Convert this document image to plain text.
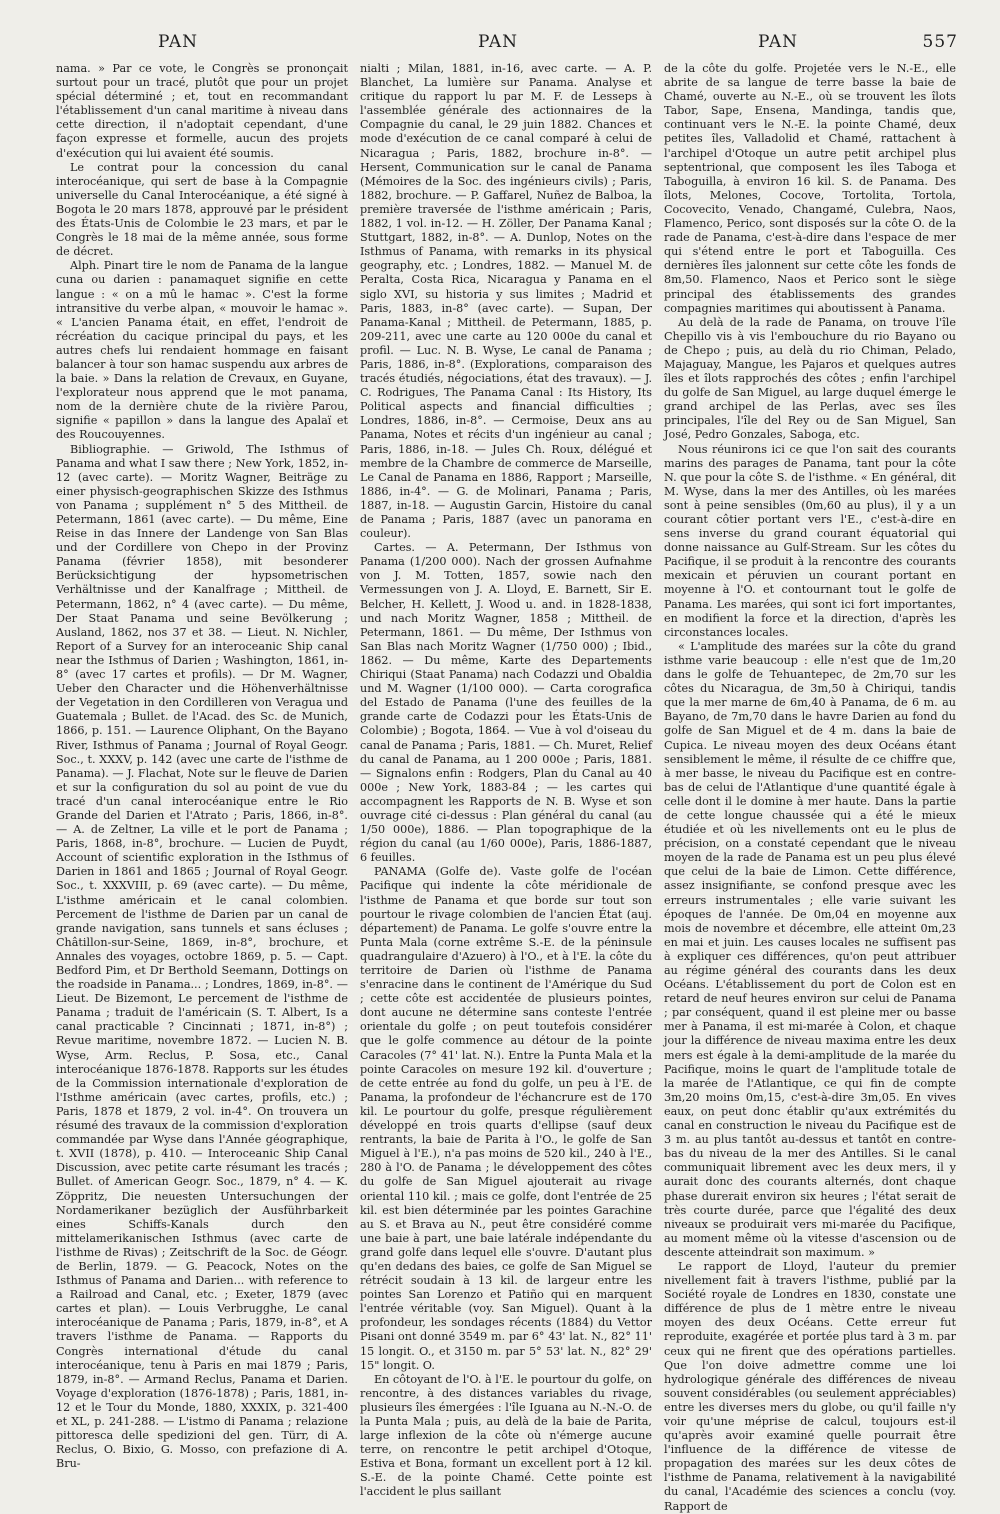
PAN	PAN	PAN	557

nama. » Par ce vote, le Congrès se prononçait surtout pour un tracé, plutôt que pour un projet spécial déterminé ; et, tout en recommandant l'établissement d'un canal maritime à niveau dans cette direction, il n'adoptait cependant, d'une façon expresse et formelle, aucun des projets d'exécution qui lui avaient été soumis.

Le contrat pour la concession du canal interocéanique, qui sert de base à la Compagnie universelle du Canal Interocéanique, a été signé à Bogota le 20 mars 1878, approuvé par le président des États-Unis de Colombie le 23 mars, et par le Congrès le 18 mai de la même année, sous forme de décret.

Alph. Pinart tire le nom de Panama de la langue cuna ou darien : panamaquet signifie en cette langue : « on a mû le hamac ». C'est la forme intransitive du verbe alpan, « mouvoir le hamac ». « L'ancien Panama était, en effet, l'endroit de récréation du cacique principal du pays, et les autres chefs lui rendaient hommage en faisant balancer à tour son hamac suspendu aux arbres de la baie. » Dans la relation de Crevaux, en Guyane, l'explorateur nous apprend que le mot panama, nom de la dernière chute de la rivière Parou, signifie « papillon » dans la langue des Apalaï et des Roucouyennes.

Bibliographie. — Griwold, The Isthmus of Panama and what I saw there ; New York, 1852, in-12 (avec carte). — Moritz Wagner, Beiträge zu einer physisch-geographischen Skizze des Isthmus von Panama ; supplément n° 5 des Mittheil. de Petermann, 1861 (avec carte). — Du même, Eine Reise in das Innere der Landenge von San Blas und der Cordillere von Chepo in der Provinz Panama (février 1858), mit besonderer Berücksichtigung der hypsometrischen Verhältnisse und der Kanalfrage ; Mittheil. de Petermann, 1862, n° 4 (avec carte). — Du même, Der Staat Panama und seine Bevölkerung ; Ausland, 1862, nos 37 et 38. — Lieut. N. Nichler, Report of a Survey for an interoceanic Ship canal near the Isthmus of Darien ; Washington, 1861, in-8° (avec 17 cartes et profils). — Dr M. Wagner, Ueber den Character und die Höhenverhältnisse der Vegetation in den Cordilleren von Veragua und Guatemala ; Bullet. de l'Acad. des Sc. de Munich, 1866, p. 151. — Laurence Oliphant, On the Bayano River, Isthmus of Panama ; Journal of Royal Geogr. Soc., t. XXXV, p. 142 (avec une carte de l'isthme de Panama). — J. Flachat, Note sur le fleuve de Darien et sur la configuration du sol au point de vue du tracé d'un canal interocéanique entre le Rio Grande del Darien et l'Atrato ; Paris, 1866, in-8°. — A. de Zeltner, La ville et le port de Panama ; Paris, 1868, in-8°, brochure. — Lucien de Puydt, Account of scientific exploration in the Isthmus of Darien in 1861 and 1865 ; Journal of Royal Geogr. Soc., t. XXXVIII, p. 69 (avec carte). — Du même, L'isthme américain et le canal colombien. Percement de l'isthme de Darien par un canal de grande navigation, sans tunnels et sans écluses ; Châtillon-sur-Seine, 1869, in-8°, brochure, et Annales des voyages, octobre 1869, p. 5. — Capt. Bedford Pim, et Dr Berthold Seemann, Dottings on the roadside in Panama... ; Londres, 1869, in-8°. — Lieut. De Bizemont, Le percement de l'isthme de Panama ; traduit de l'américain (S. T. Albert, Is a canal practicable ? Cincinnati ; 1871, in-8°) ; Revue maritime, novembre 1872. — Lucien N. B. Wyse, Arm. Reclus, P. Sosa, etc., Canal interocéanique 1876-1878. Rapports sur les études de la Commission internationale d'exploration de l'Isthme américain (avec cartes, profils, etc.) ; Paris, 1878 et 1879, 2 vol. in-4°. On trouvera un résumé des travaux de la commission d'exploration commandée par Wyse dans l'Année géographique, t. XVII (1878), p. 410. — Interoceanic Ship Canal Discussion, avec petite carte résumant les tracés ; Bullet. of American Geogr. Soc., 1879, n° 4. — K. Zöppritz, Die neuesten Untersuchungen der Nordamerikaner bezüglich der Ausführbarkeit eines Schiffs-Kanals durch den mittelamerikanischen Isthmus (avec carte de l'isthme de Rivas) ; Zeitschrift de la Soc. de Géogr. de Berlin, 1879. — G. Peacock, Notes on the Isthmus of Panama and Darien... with reference to a Railroad and Canal, etc. ; Exeter, 1879 (avec cartes et plan). — Louis Verbrugghe, Le canal interocéanique de Panama ; Paris, 1879, in-8°, et A travers l'isthme de Panama. — Rapports du Congrès international d'étude du canal interocéanique, tenu à Paris en mai 1879 ; Paris, 1879, in-8°. — Armand Reclus, Panama et Darien. Voyage d'exploration (1876-1878) ; Paris, 1881, in-12 et le Tour du Monde, 1880, XXXIX, p. 321-400 et XL, p. 241-288. — L'istmo di Panama ; relazione pittoresca delle spedizioni del gen. Türr, di A. Reclus, O. Bixio, G. Mosso, con prefazione di A. Bru-

nialti ; Milan, 1881, in-16, avec carte. — A. P. Blanchet, La lumière sur Panama. Analyse et critique du rapport lu par M. F. de Lesseps à l'assemblée générale des actionnaires de la Compagnie du canal, le 29 juin 1882. Chances et mode d'exécution de ce canal comparé à celui de Nicaragua ; Paris, 1882, brochure in-8°. — Hersent, Communication sur le canal de Panama (Mémoires de la Soc. des ingénieurs civils) ; Paris, 1882, brochure. — P. Gaffarel, Nuñez de Balboa, la première traversée de l'isthme américain ; Paris, 1882, 1 vol. in-12. — H. Zöller, Der Panama Kanal ; Stuttgart, 1882, in-8°. — A. Dunlop, Notes on the Isthmus of Panama, with remarks in its physical geography, etc. ; Londres, 1882. — Manuel M. de Peralta, Costa Rica, Nicaragua y Panama en el siglo XVI, su historia y sus limites ; Madrid et Paris, 1883, in-8° (avec carte). — Supan, Der Panama-Kanal ; Mittheil. de Petermann, 1885, p. 209-211, avec une carte au 120 000e du canal et profil. — Luc. N. B. Wyse, Le canal de Panama ; Paris, 1886, in-8°. (Explorations, comparaison des tracés étudiés, négociations, état des travaux). — J. C. Rodrigues, The Panama Canal : Its History, Its Political aspects and financial difficulties ; Londres, 1886, in-8°. — Cermoise, Deux ans au Panama, Notes et récits d'un ingénieur au canal ; Paris, 1886, in-18. — Jules Ch. Roux, délégué et membre de la Chambre de commerce de Marseille, Le Canal de Panama en 1886, Rapport ; Marseille, 1886, in-4°. — G. de Molinari, Panama ; Paris, 1887, in-18. — Augustin Garcin, Histoire du canal de Panama ; Paris, 1887 (avec un panorama en couleur).

Cartes. — A. Petermann, Der Isthmus von Panama (1/200 000). Nach der grossen Aufnahme von J. M. Totten, 1857, sowie nach den Vermessungen von J. A. Lloyd, E. Barnett, Sir E. Belcher, H. Kellett, J. Wood u. and. in 1828-1838, und nach Moritz Wagner, 1858 ; Mittheil. de Petermann, 1861. — Du même, Der Isthmus von San Blas nach Moritz Wagner (1/750 000) ; Ibid., 1862. — Du même, Karte des Departements Chiriqui (Staat Panama) nach Codazzi und Obaldia und M. Wagner (1/100 000). — Carta corografica del Estado de Panama (l'une des feuilles de la grande carte de Codazzi pour les États-Unis de Colombie) ; Bogota, 1864. — Vue à vol d'oiseau du canal de Panama ; Paris, 1881. — Ch. Muret, Relief du canal de Panama, au 1 200 000e ; Paris, 1881. — Signalons enfin : Rodgers, Plan du Canal au 40 000e ; New York, 1883-84 ; — les cartes qui accompagnent les Rapports de N. B. Wyse et son ouvrage cité ci-dessus : Plan général du canal (au 1/50 000e), 1886. — Plan topographique de la région du canal (au 1/60 000e), Paris, 1886-1887, 6 feuilles.

PANAMA (Golfe de). Vaste golfe de l'océan Pacifique qui indente la côte méridionale de l'isthme de Panama et que borde sur tout son pourtour le rivage colombien de l'ancien État (auj. département) de Panama. Le golfe s'ouvre entre la Punta Mala (corne extrême S.-E. de la péninsule quadrangulaire d'Azuero) à l'O., et à l'E. la côte du territoire de Darien où l'isthme de Panama s'enracine dans le continent de l'Amérique du Sud ; cette côte est accidentée de plusieurs pointes, dont aucune ne détermine sans conteste l'entrée orientale du golfe ; on peut toutefois considérer que le golfe commence au détour de la pointe Caracoles (7° 41' lat. N.). Entre la Punta Mala et la pointe Caracoles on mesure 192 kil. d'ouverture ; de cette entrée au fond du golfe, un peu à l'E. de Panama, la profondeur de l'échancrure est de 170 kil. Le pourtour du golfe, presque régulièrement développé en trois quarts d'ellipse (sauf deux rentrants, la baie de Parita à l'O., le golfe de San Miguel à l'E.), n'a pas moins de 520 kil., 240 à l'E., 280 à l'O. de Panama ; le développement des côtes du golfe de San Miguel ajouterait au rivage oriental 110 kil. ; mais ce golfe, dont l'entrée de 25 kil. est bien déterminée par les pointes Garachine au S. et Brava au N., peut être considéré comme une baie à part, une baie latérale indépendante du grand golfe dans lequel elle s'ouvre. D'autant plus qu'en dedans des baies, ce golfe de San Miguel se rétrécit soudain à 13 kil. de largeur entre les pointes San Lorenzo et Patiño qui en marquent l'entrée véritable (voy. San Miguel). Quant à la profondeur, les sondages récents (1884) du Vettor Pisani ont donné 3549 m. par 6° 43' lat. N., 82° 11' 15 longit. O., et 3150 m. par 5° 53' lat. N., 82° 29' 15" longit. O.

En côtoyant de l'O. à l'E. le pourtour du golfe, on rencontre, à des distances variables du rivage, plusieurs îles émergées : l'île Iguana au N.-N.-O. de la Punta Mala ; puis, au delà de la baie de Parita, large inflexion de la côte où n'émerge aucune terre, on rencontre le petit archipel d'Otoque, Estiva et Bona, formant un excellent port à 12 kil. S.-E. de la pointe Chamé. Cette pointe est l'accident le plus saillant

de la côte du golfe. Projetée vers le N.-E., elle abrite de sa langue de terre basse la baie de Chamé, ouverte au N.-E., où se trouvent les îlots Tabor, Sape, Ensena, Mandinga, tandis que, continuant vers le N.-E. la pointe Chamé, deux petites îles, Valladolid et Chamé, rattachent à l'archipel d'Otoque un autre petit archipel plus septentrional, que composent les îles Taboga et Taboguilla, à environ 16 kil. S. de Panama. Des îlots, Melones, Cocove, Tortolita, Tortola, Cocovecito, Venado, Changamé, Culebra, Naos, Flamenco, Perico, sont disposés sur la côte O. de la rade de Panama, c'est-à-dire dans l'espace de mer qui s'étend entre le port et Taboguilla. Ces dernières îles jalonnent sur cette côte les fonds de 8m,50. Flamenco, Naos et Perico sont le siège principal des établissements des grandes compagnies maritimes qui aboutissent à Panama.

Au delà de la rade de Panama, on trouve l'île Chepillo vis à vis l'embouchure du rio Bayano ou de Chepo ; puis, au delà du rio Chiman, Pelado, Majaguay, Mangue, les Pajaros et quelques autres îles et îlots rapprochés des côtes ; enfin l'archipel du golfe de San Miguel, au large duquel émerge le grand archipel de las Perlas, avec ses îles principales, l'île del Rey ou de San Miguel, San José, Pedro Gonzales, Saboga, etc.

Nous réunirons ici ce que l'on sait des courants marins des parages de Panama, tant pour la côte N. que pour la côte S. de l'isthme. « En général, dit M. Wyse, dans la mer des Antilles, où les marées sont à peine sensibles (0m,60 au plus), il y a un courant côtier portant vers l'E., c'est-à-dire en sens inverse du grand courant équatorial qui donne naissance au Gulf-Stream. Sur les côtes du Pacifique, il se produit à la rencontre des courants mexicain et péruvien un courant portant en moyenne à l'O. et contournant tout le golfe de Panama. Les marées, qui sont ici fort importantes, en modifient la force et la direction, d'après les circonstances locales.

« L'amplitude des marées sur la côte du grand isthme varie beaucoup : elle n'est que de 1m,20 dans le golfe de Tehuantepec, de 2m,70 sur les côtes du Nicaragua, de 3m,50 à Chiriqui, tandis que la mer marne de 6m,40 à Panama, de 6 m. au Bayano, de 7m,70 dans le havre Darien au fond du golfe de San Miguel et de 4 m. dans la baie de Cupica. Le niveau moyen des deux Océans étant sensiblement le même, il résulte de ce chiffre que, à mer basse, le niveau du Pacifique est en contre-bas de celui de l'Atlantique d'une quantité égale à celle dont il le domine à mer haute. Dans la partie de cette longue chaussée qui a été le mieux étudiée et où les nivellements ont eu le plus de précision, on a constaté cependant que le niveau moyen de la rade de Panama est un peu plus élevé que celui de la baie de Limon. Cette différence, assez insignifiante, se confond presque avec les erreurs instrumentales ; elle varie suivant les époques de l'année. De 0m,04 en moyenne aux mois de novembre et décembre, elle atteint 0m,23 en mai et juin. Les causes locales ne suffisent pas à expliquer ces différences, qu'on peut attribuer au régime général des courants dans les deux Océans. L'établissement du port de Colon est en retard de neuf heures environ sur celui de Panama ; par conséquent, quand il est pleine mer ou basse mer à Panama, il est mi-marée à Colon, et chaque jour la différence de niveau maxima entre les deux mers est égale à la demi-amplitude de la marée du Pacifique, moins le quart de l'amplitude totale de la marée de l'Atlantique, ce qui fin de compte 3m,20 moins 0m,15, c'est-à-dire 3m,05. En vives eaux, on peut donc établir qu'aux extrémités du canal en construction le niveau du Pacifique est de 3 m. au plus tantôt au-dessus et tantôt en contre-bas du niveau de la mer des Antilles. Si le canal communiquait librement avec les deux mers, il y aurait donc des courants alternés, dont chaque phase durerait environ six heures ; l'état serait de très courte durée, parce que l'égalité des deux niveaux se produirait vers mi-marée du Pacifique, au moment même où la vitesse d'ascension ou de descente atteindrait son maximum. »

Le rapport de Lloyd, l'auteur du premier nivellement fait à travers l'isthme, publié par la Société royale de Londres en 1830, constate une différence de plus de 1 mètre entre le niveau moyen des deux Océans. Cette erreur fut reproduite, exagérée et portée plus tard à 3 m. par ceux qui ne firent que des opérations partielles. Que l'on doive admettre comme une loi hydrologique générale des différences de niveau souvent considérables (ou seulement appréciables) entre les diverses mers du globe, ou qu'il faille n'y voir qu'une méprise de calcul, toujours est-il qu'après avoir examiné quelle pourrait être l'influence de la différence de vitesse de propagation des marées sur les deux côtes de l'isthme de Panama, relativement à la navigabilité du canal, l'Académie des sciences a conclu (voy. Rapport de
